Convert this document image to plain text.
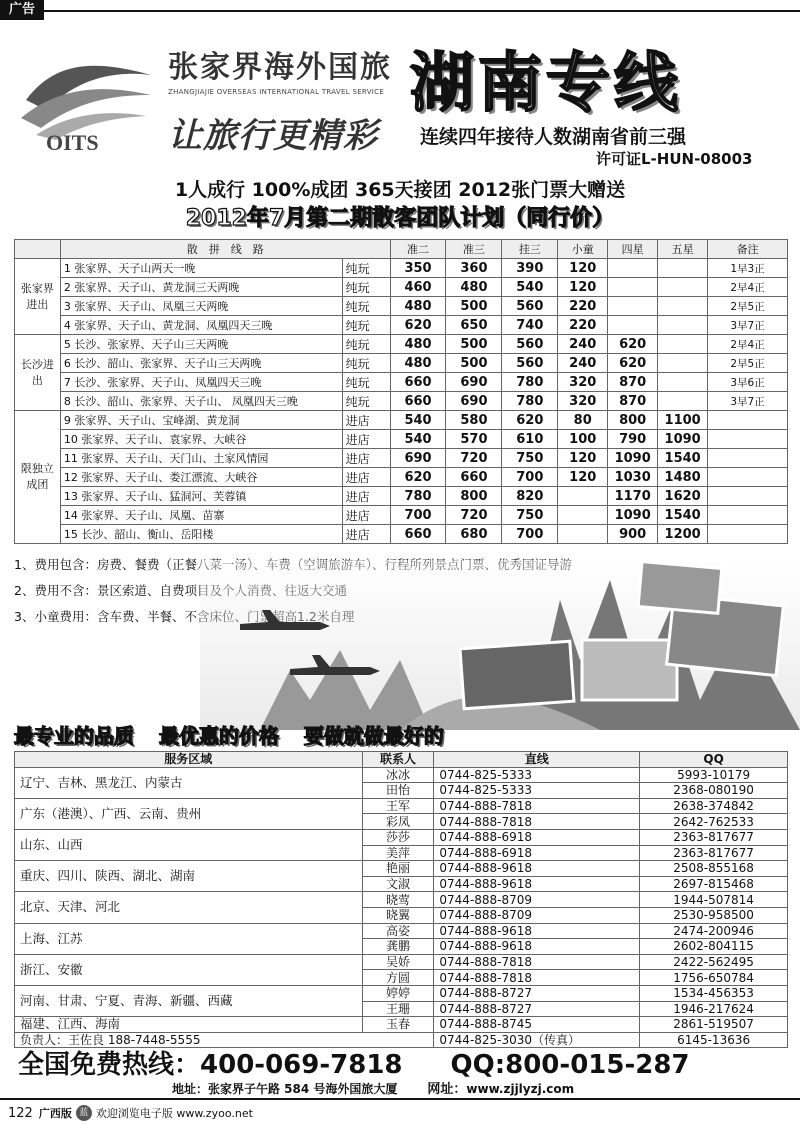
广告
OITS
张家界海外国旅
ZHANGJIAJIE OVERSEAS INTERNATIONAL TRAVEL SERVICE
让旅行更精彩
湖南专线
连续四年接待人数湖南省前三强
许可证L-HUN-08003
1人成行 100%成团 365天接团 2012张门票大赠送
2012年7月第二期散客团队计划（同行价）
	散　拼　线　路		准二	准三	挂三	小童	四星	五星	备注
张家界进出	1 张家界、天子山两天一晚	纯玩	350	360	390	120			1早3正
	2 张家界、天子山、黄龙洞三天两晚	纯玩	460	480	540	120			2早4正
	3 张家界、天子山、凤凰三天两晚	纯玩	480	500	560	220			2早5正
	4 张家界、天子山、黄龙洞、凤凰四天三晚	纯玩	620	650	740	220			3早7正
长沙进出	5 长沙、张家界、天子山三天两晚	纯玩	480	500	560	240	620		2早4正
	6 长沙、韶山、张家界、天子山三天两晚	纯玩	480	500	560	240	620		2早5正
	7 长沙、张家界、天子山、凤凰四天三晚	纯玩	660	690	780	320	870		3早6正
	8 长沙、韶山、张家界、天子山、 凤凰四天三晚	纯玩	660	690	780	320	870		3早7正
限独立成团	9 张家界、天子山、宝峰湖、黄龙洞	进店	540	580	620	80	800	1100	
	10 张家界、天子山、袁家界、大峡谷	进店	540	570	610	100	790	1090	
	11 张家界、天子山、天门山、土家风情园	进店	690	720	750	120	1090	1540	
	12 张家界、天子山、娄江漂流、大峡谷	进店	620	660	700	120	1030	1480	
	13 张家界、天子山、猛洞河、芙蓉镇	进店	780	800	820		1170	1620	
	14 张家界、天子山、凤凰、苗寨	进店	700	720	750		1090	1540	
	15 长沙、韶山、衡山、岳阳楼	进店	660	680	700		900	1200	
1、费用包含：房费、餐费（正餐八菜一汤）、车费（空调旅游车）、行程所列景点门票、优秀国证导游
2、费用不含：景区索道、自费项目及个人消费、往返大交通
3、小童费用：含车费、半餐、不含床位、门票超高1.2米自理
最专业的品质 最优惠的价格 要做就做最好的
服务区域	联系人	直线	QQ
辽宁、吉林、黑龙江、内蒙古	冰冰	0744-825-5333	5993-10179
	田怡	0744-825-5333	2368-080190
广东（港澳）、广西、云南、贵州	王军	0744-888-7818	2638-374842
	彩凤	0744-888-7818	2642-762533
山东、山西	莎莎	0744-888-6918	2363-817677
	美萍	0744-888-6918	2363-817677
重庆、四川、陕西、湖北、湖南	艳丽	0744-888-9618	2508-855168
	文淑	0744-888-9618	2697-815468
北京、天津、河北	晓莺	0744-888-8709	1944-507814
	晓翼	0744-888-8709	2530-958500
上海、江苏	高姿	0744-888-9618	2474-200946
	龚鹏	0744-888-9618	2602-804115
浙江、安徽	吴娇	0744-888-7818	2422-562495
	方圆	0744-888-7818	1756-650784
河南、甘肃、宁夏、青海、新疆、西藏	婷婷	0744-888-8727	1534-456353
	王珊	0744-888-8727	1946-217624
福建、江西、海南	玉春	0744-888-8745	2861-519507
负责人：王佐良 188-7448-5555		0744-825-3030（传真）	6145-13636
全国免费热线：400-069-7818 QQ:800-015-287
地址：张家界子午路 584 号海外国旅大厦 网址：www.zjjlyzj.com
122 广西版 蓝 欢迎浏览电子版 www.zyoo.net
